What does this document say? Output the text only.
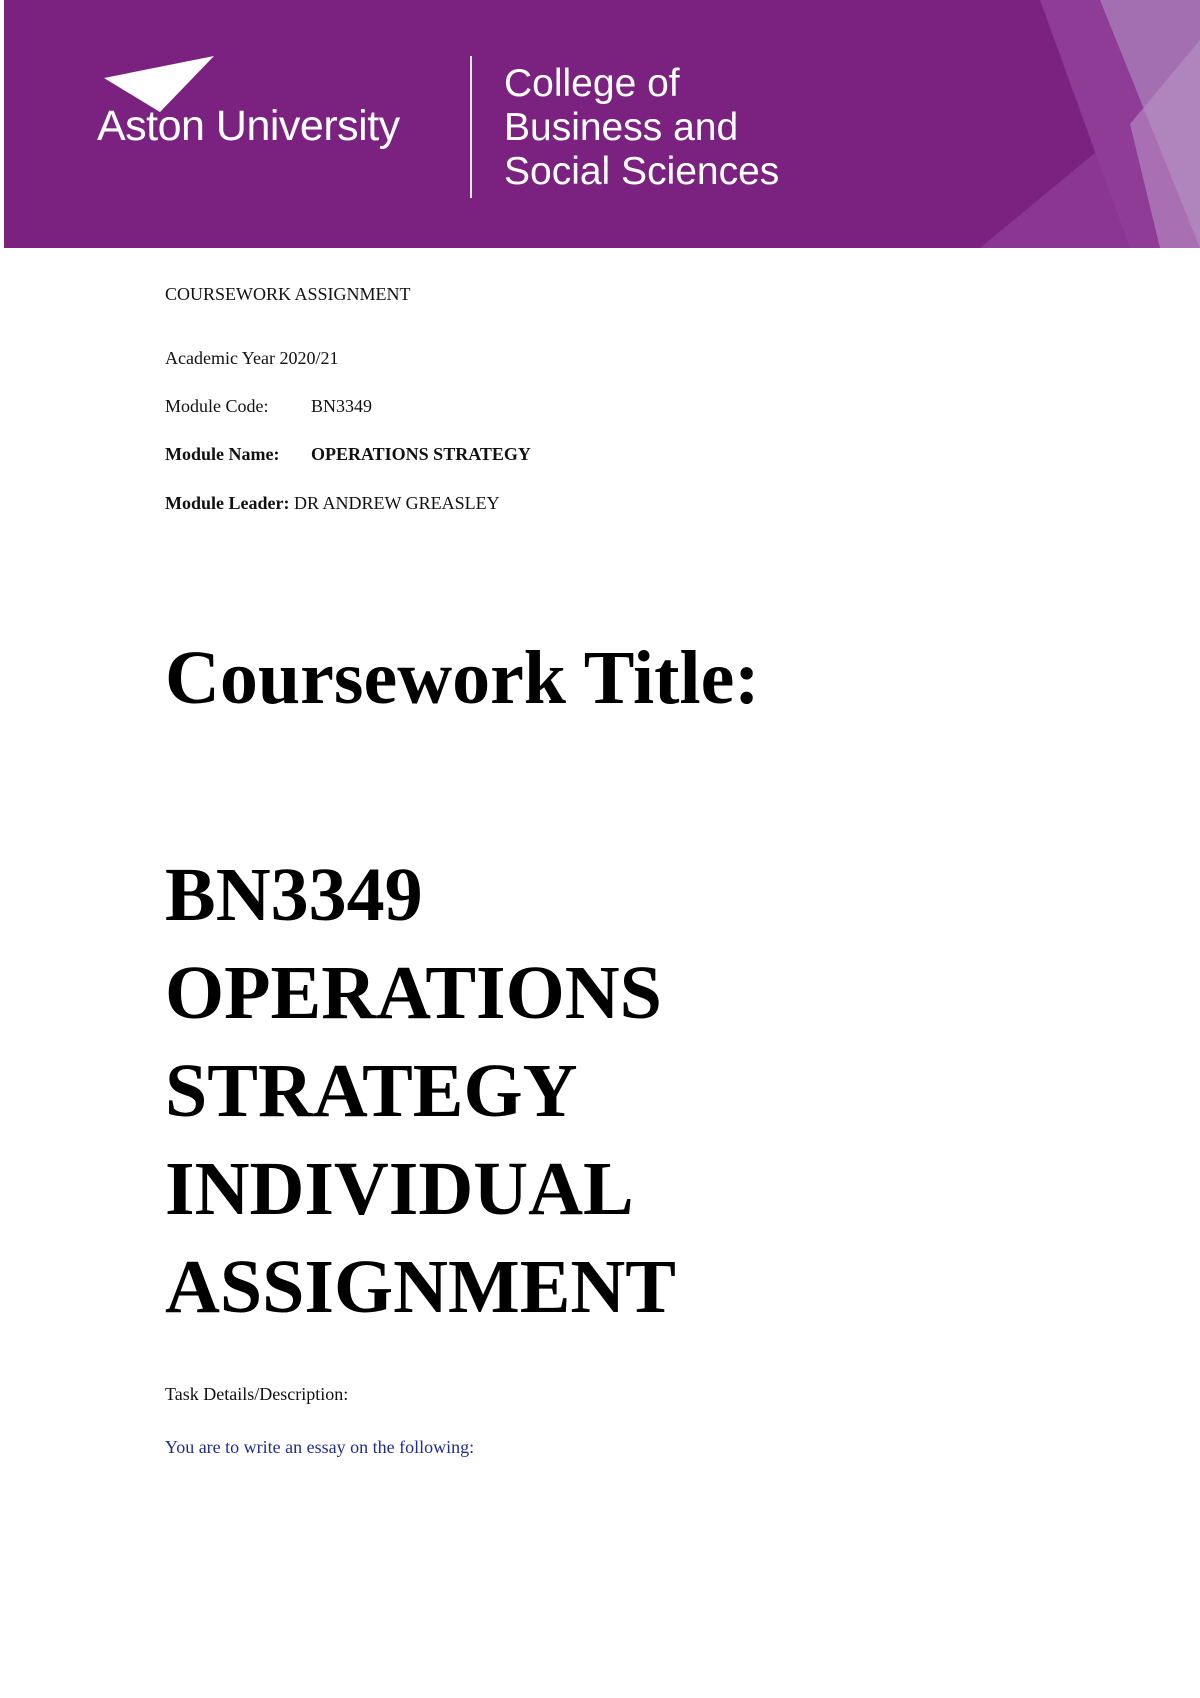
Aston University
College of
Business and
Social Sciences
COURSEWORK ASSIGNMENT
Academic Year 2020/21
Module Code: BN3349
Module Name: OPERATIONS STRATEGY
Module Leader: DR ANDREW GREASLEY
Coursework Title:
BN3349
OPERATIONS
STRATEGY
INDIVIDUAL
ASSIGNMENT
Task Details/Description:
You are to write an essay on the following:
